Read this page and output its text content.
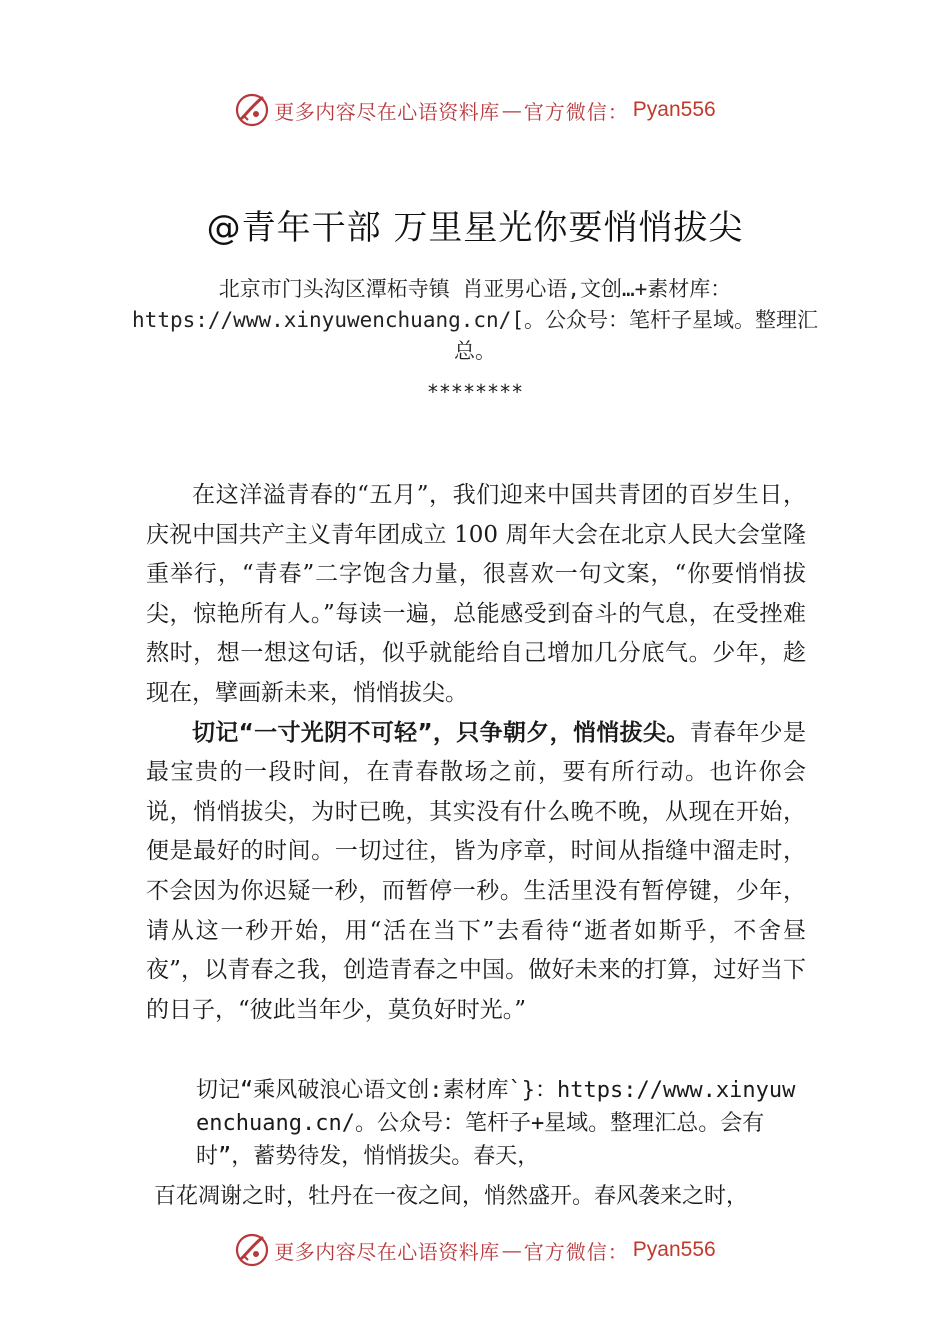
更多内容尽在心语资料库 — 官方微信： Pyan556
@青年干部 万里星光你要悄悄拔尖
北京市门头沟区潭柘寺镇 肖亚男心语,文创…+素材库：https://www.xinyuwenchuang.cn/[。公众号：笔杆子星域。整理汇总。
********

在这洋溢青春的“五月”，我们迎来中国共青团的百岁生日，庆祝中国共产主义青年团成立 100 周年大会在北京人民大会堂隆重举行，“青春”二字饱含力量，很喜欢一句文案，“你要悄悄拔尖，惊艳所有人。”每读一遍，总能感受到奋斗的气息，在受挫难熬时，想一想这句话，似乎就能给自己增加几分底气。少年，趁现在，擘画新未来，悄悄拔尖。

切记“一寸光阴不可轻”，只争朝夕，悄悄拔尖。青春年少是最宝贵的一段时间，在青春散场之前，要有所行动。也许你会说，悄悄拔尖，为时已晚，其实没有什么晚不晚，从现在开始，便是最好的时间。一切过往，皆为序章，时间从指缝中溜走时，不会因为你迟疑一秒，而暂停一秒。生活里没有暂停键，少年，请从这一秒开始，用“活在当下”去看待“逝者如斯乎，不舍昼夜”，以青春之我，创造青春之中国。做好未来的打算，过好当下的日子，“彼此当年少，莫负好时光。”

切记“乘风破浪心语文创:素材库`}：https://www.xinyuwenchuang.cn/。公众号：笔杆子+星域。整理汇总。会有时”，蓄势待发，悄悄拔尖。春天，
百花凋谢之时，牡丹在一夜之间，悄然盛开。春风袭来之时，
更多内容尽在心语资料库 — 官方微信： Pyan556
